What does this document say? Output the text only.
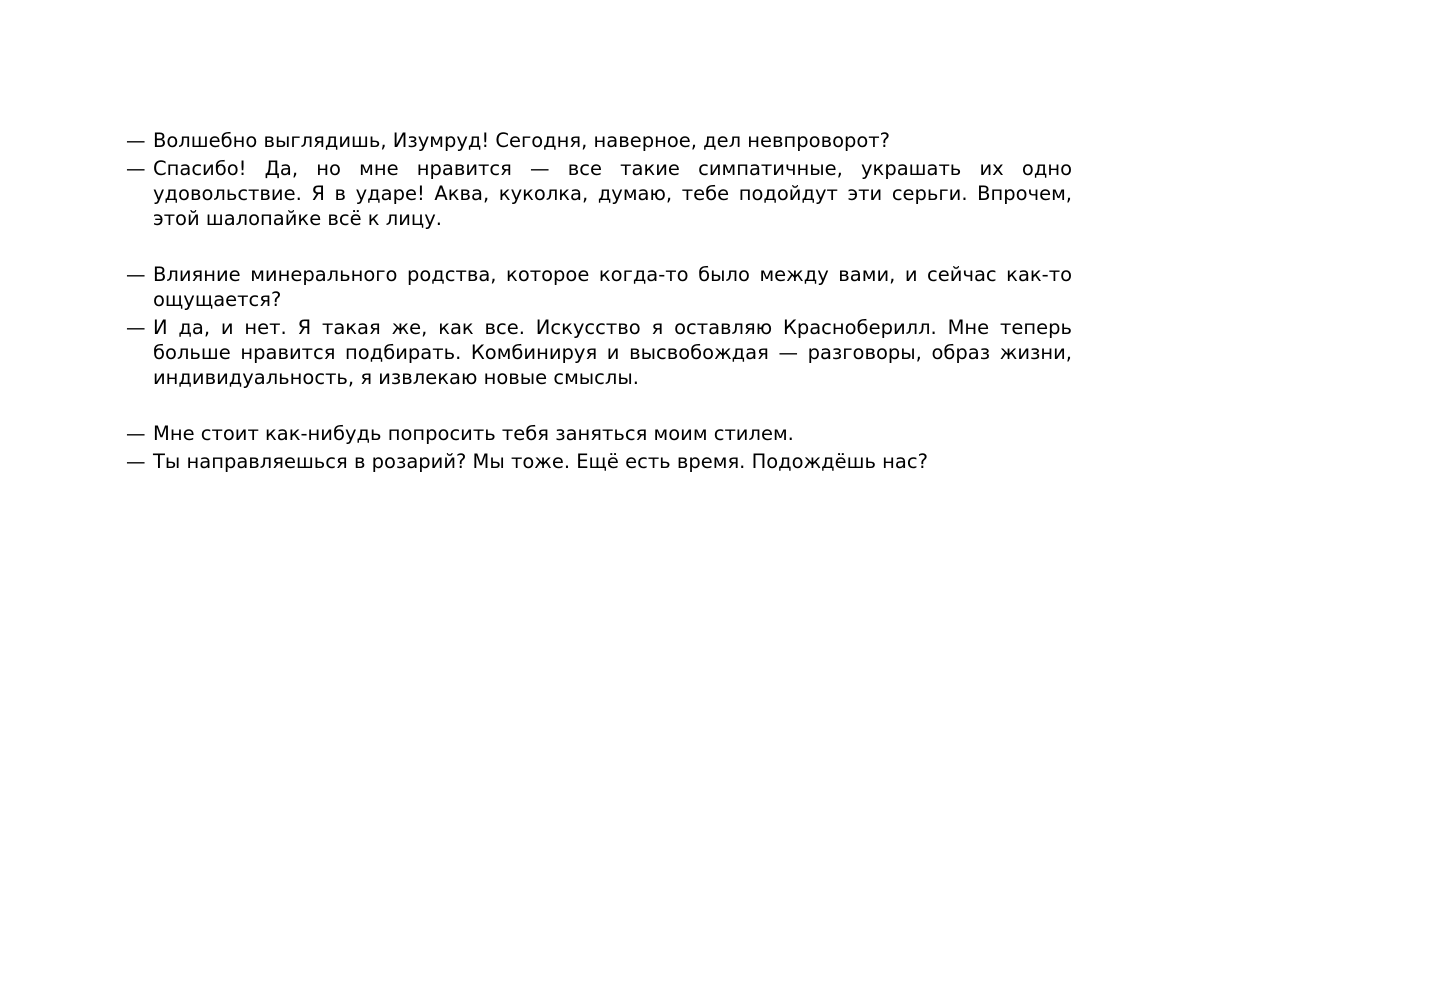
— Волшебно выглядишь, Изумруд! Сегодня, наверное, дел невпроворот?
— Спасибо! Да, но мне нравится — все такие симпатичные, украшать их одно удовольствие. Я в ударе! Аква, куколка, думаю, тебе подойдут эти серьги. Впрочем, этой шалопайке всё к лицу.
— Влияние минерального родства, которое когда-то было между вами, и сейчас как-то ощущается?
— И да, и нет. Я такая же, как все. Искусство я оставляю Красноберилл. Мне теперь больше нравится подбирать. Комбинируя и высвобождая — разговоры, образ жизни, индивидуальность, я извлекаю новые смыслы.
— Мне стоит как-нибудь попросить тебя заняться моим стилем.
— Ты направляешься в розарий? Мы тоже. Ещё есть время. Подождёшь нас?
